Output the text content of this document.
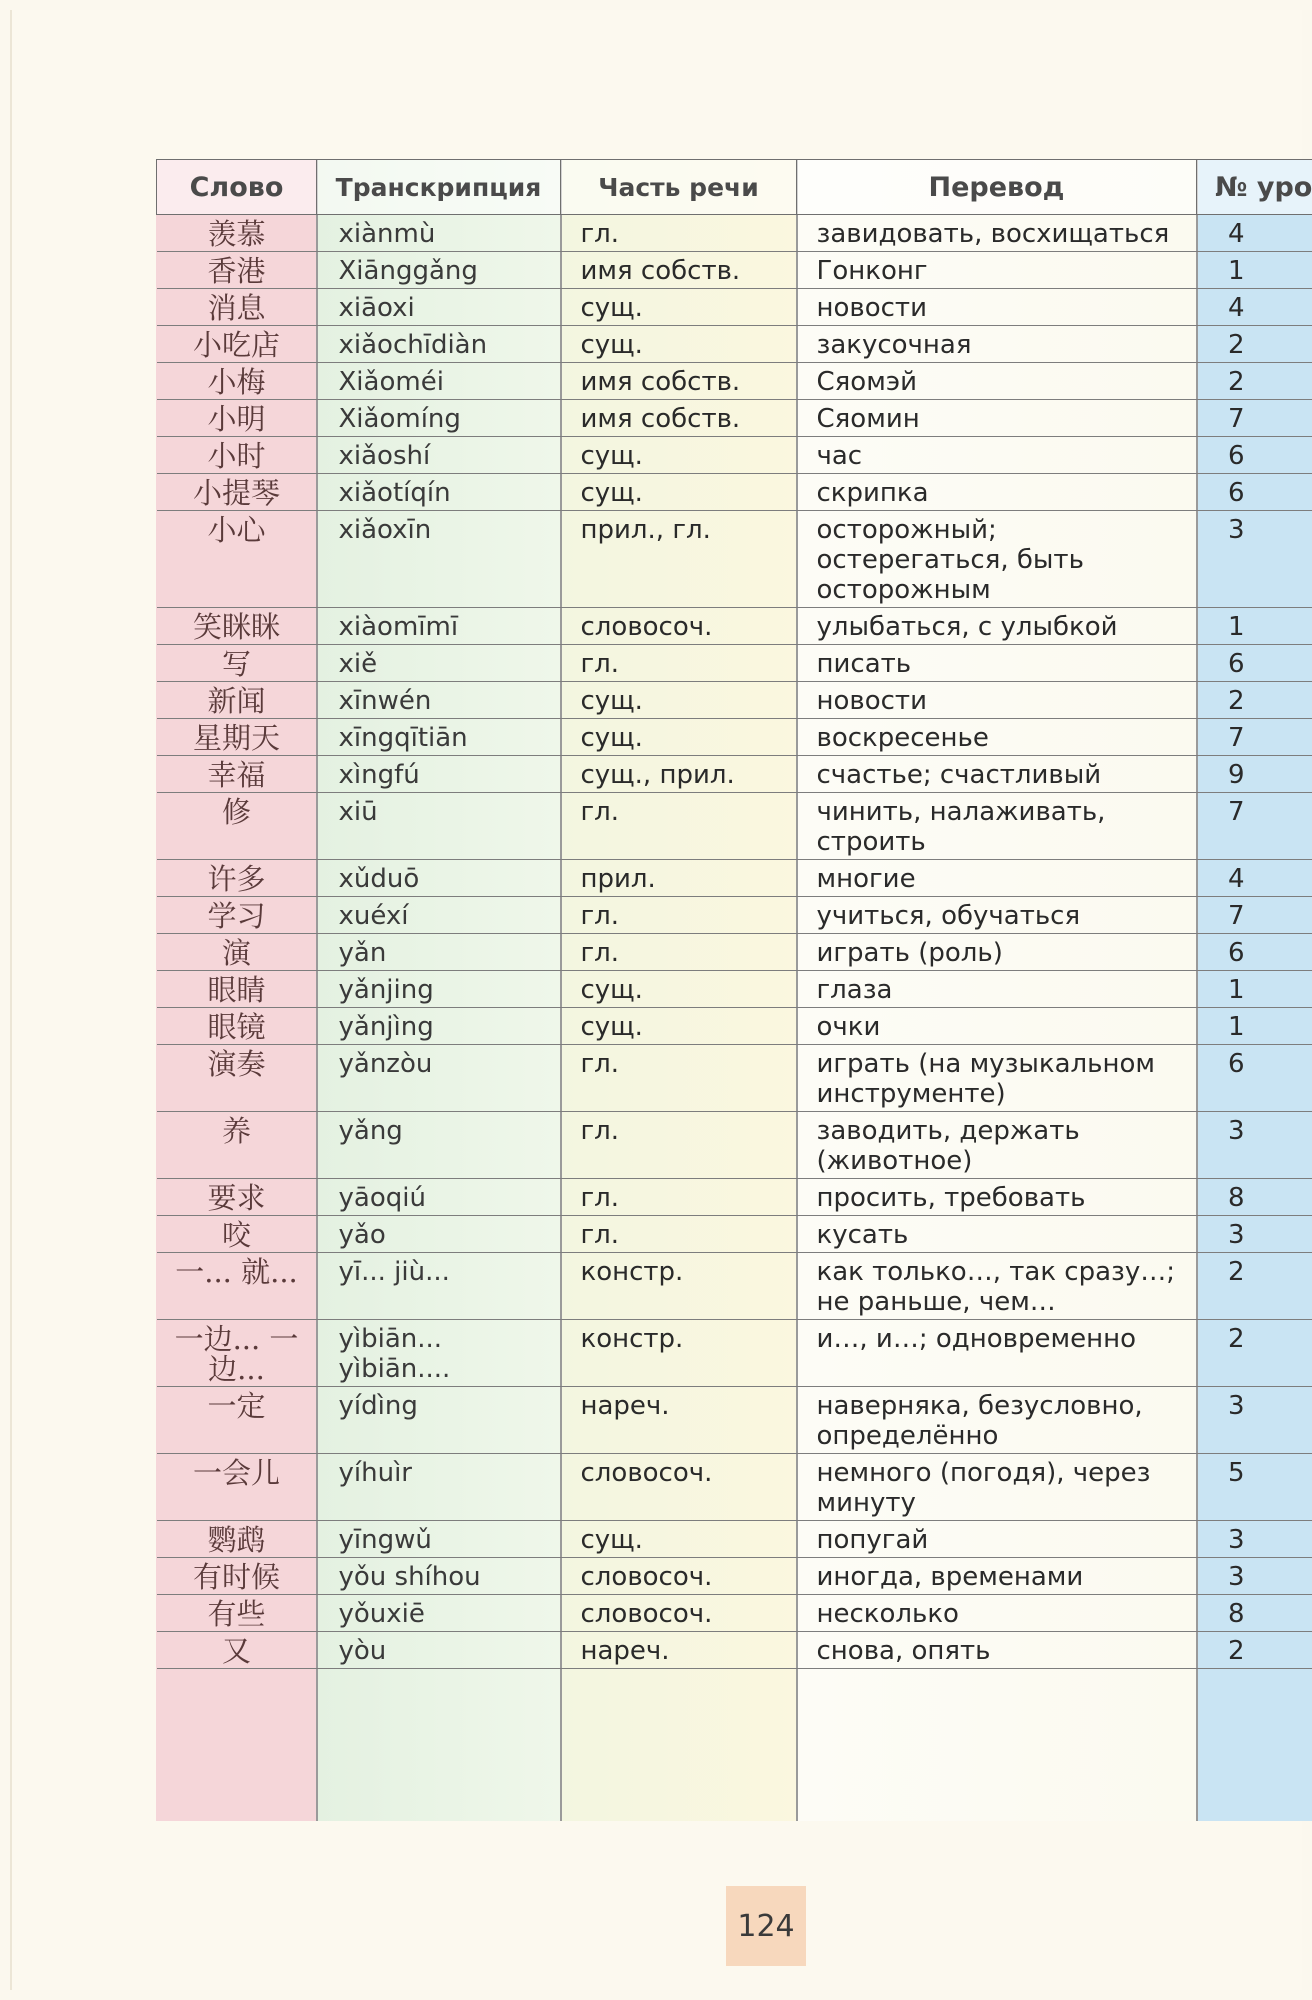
Слово	Транскрипция	Часть речи	Перевод	№ уро
羡慕	xiànmù	гл.	завидовать, восхищаться	4
香港	Xiānggǎng	имя собств.	Гонконг	1
消息	xiāoxi	сущ.	новости	4
小吃店	xiǎochīdiàn	сущ.	закусочная	2
小梅	Xiǎoméi	имя собств.	Сяомэй	2
小明	Xiǎomíng	имя собств.	Сяомин	7
小时	xiǎoshí	сущ.	час	6
小提琴	xiǎotíqín	сущ.	скрипка	6
小心	xiǎoxīn	прил., гл.	осторожный; остерегаться, быть осторожным	3
笑眯眯	xiàomīmī	словосоч.	улыбаться, с улыбкой	1
写	xiě	гл.	писать	6
新闻	xīnwén	сущ.	новости	2
星期天	xīngqītiān	сущ.	воскресенье	7
幸福	xìngfú	сущ., прил.	счастье; счастливый	9
修	xiū	гл.	чинить, налаживать, строить	7
许多	xǔduō	прил.	многие	4
学习	xuéxí	гл.	учиться, обучаться	7
演	yǎn	гл.	играть (роль)	6
眼睛	yǎnjing	сущ.	глаза	1
眼镜	yǎnjìng	сущ.	очки	1
演奏	yǎnzòu	гл.	играть (на музыкальном инструменте)	6
养	yǎng	гл.	заводить, держать (животное)	3
要求	yāoqiú	гл.	просить, требовать	8
咬	yǎo	гл.	кусать	3
一... 就...	yī... jiù...	констр.	как только…, так сразу…; не раньше, чем…	2
一边... 一边...	yìbiān... yìbiān....	констр.	и…, и…; одновременно	2
一定	yídìng	нареч.	наверняка, безусловно, определённо	3
一会儿	yíhuìr	словосоч.	немного (погодя), через минуту	5
鹦鹉	yīngwǔ	сущ.	попугай	3
有时候	yǒu shíhou	словосоч.	иногда, временами	3
有些	yǒuxiē	словосоч.	несколько	8
又	yòu	нареч.	снова, опять	2
124
